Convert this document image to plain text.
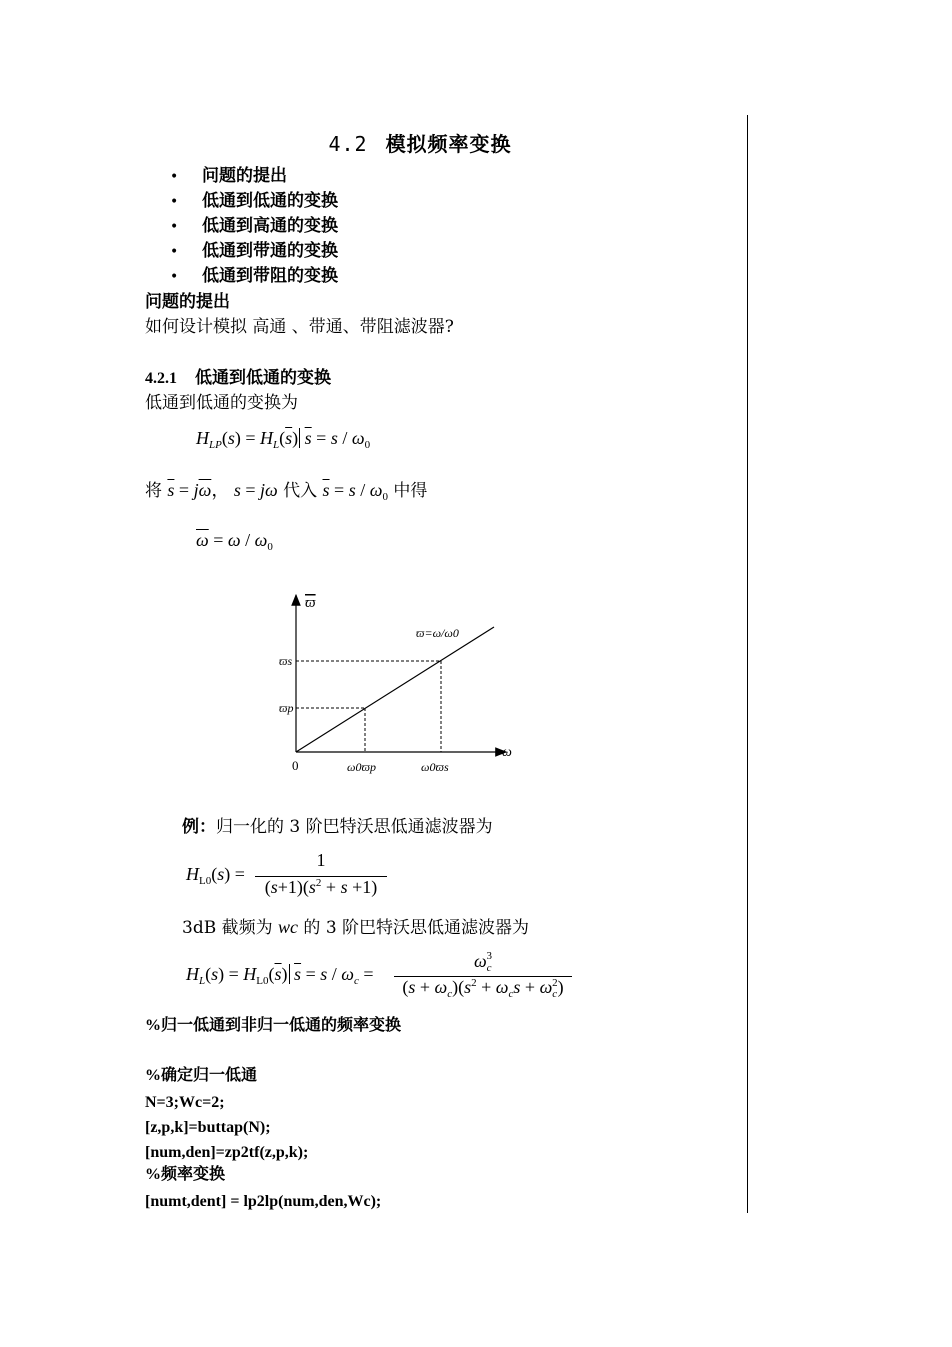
4.2 模拟频率变换
• 问题的提出
• 低通到低通的变换
• 低通到高通的变换
• 低通到带通的变换
• 低通到带阻的变换
问题的提出
如何设计模拟 高通 、带通、带阻滤波器?
4.2.1 低通到低通的变换
低通到低通的变换为
$H_{LP}(s) = H_L(\overline{s}) \overline{s} = s / \omega_0$
将 $\overline{s} = j\overline{\omega}$， s = jω 代入 $\overline{s} = s / \omega_0$ 中得
$\overline{\omega} = \omega / \omega_0$
ϖ
ω
ϖ=ω/ω0
0
ϖs
ϖp
ω0ϖp	ω0ϖs
例：归一化的 3 阶巴特沃思低通滤波器为
$H_{L0}(s)$ =
1
$(s+1)(s^2 + s +1)$
3dB 截频为 wc 的 3 阶巴特沃思低通滤波器为
$H_L(s) = H_{L0}(\overline{s}) \overline{s} = s / \omega_c$ =
$\omega_c^3$
$(s + \omega_c)(s^2 + \omega_cs + \omega_c^2)$
%归一低通到非归一低通的频率变换
%确定归一低通
N=3;Wc=2;
[z,p,k]=buttap(N);
[num,den]=zp2tf(z,p,k);
%频率变换
[numt,dent] = lp2lp(num,den,Wc);
